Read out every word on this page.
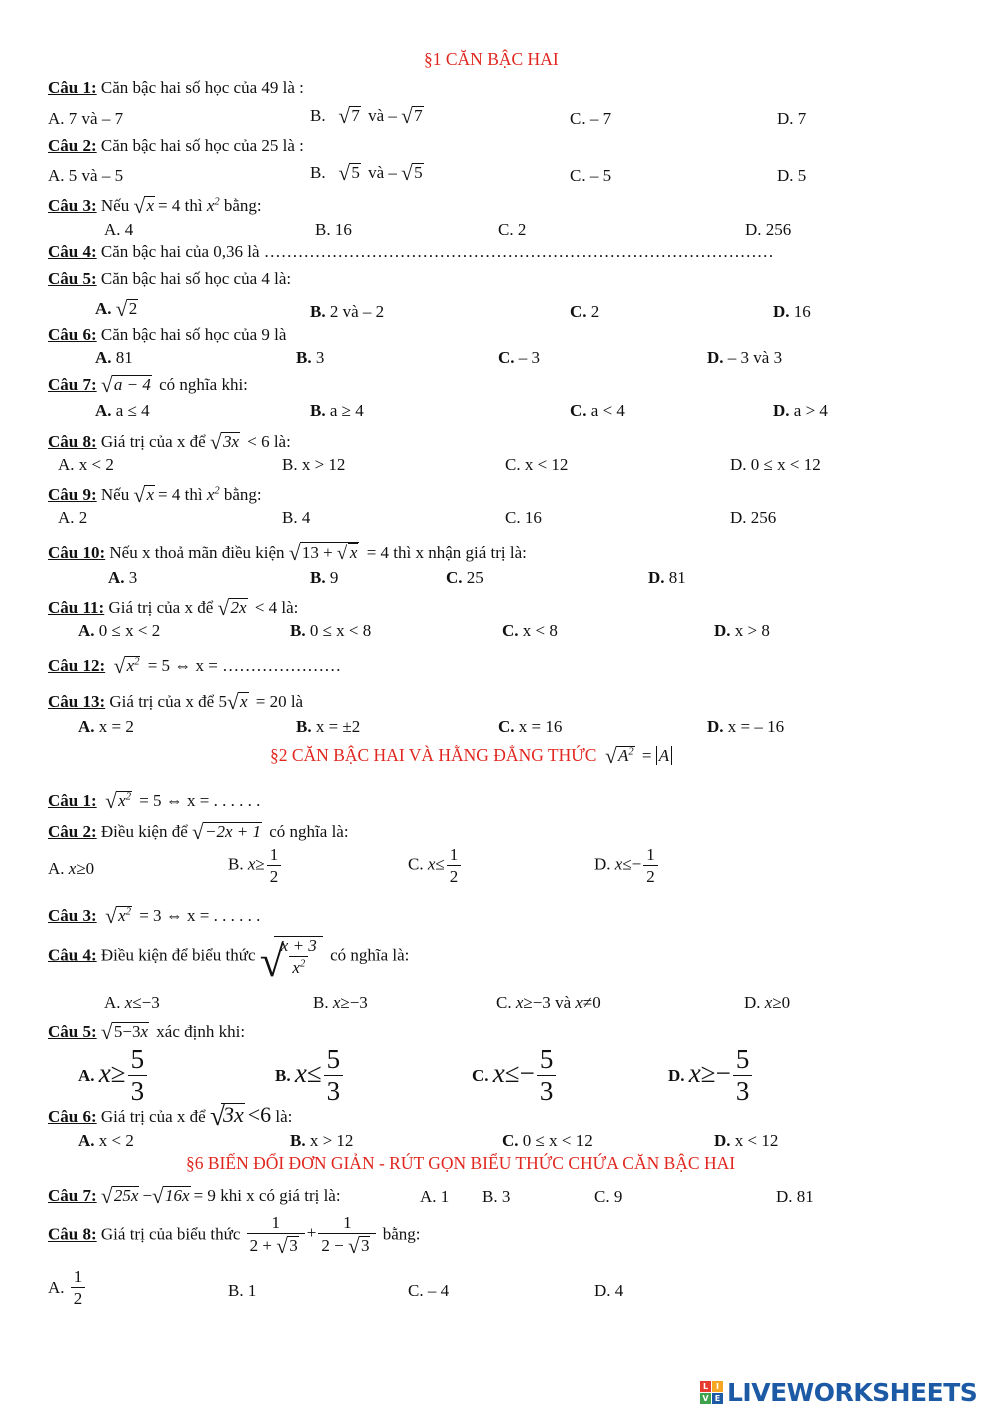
§1 CĂN BẬC HAI
Câu 1: Căn bậc hai số học của 49 là :
A. 7 và – 7	B. √ 7 và – √ 7	C. – 7	D. 7
Câu 2: Căn bậc hai số học của 25 là :
A. 5 và – 5	B. √ 5 và – √ 5	C. – 5	D. 5
Câu 3: Nếu √ x = 4 thì $x^2$ bằng:
A. 4	B. 16	C. 2	D. 256
Câu 4: Căn bậc hai của 0,36 là ………………………………………………………………………………
Câu 5: Căn bậc hai số học của 4 là:
A. √ 2	B. 2 và – 2	C. 2	D. 16
Câu 6: Căn bậc hai số học của 9 là
A. 81	B. 3	C. – 3	D. – 3 và 3
Câu 7: √ a − 4 có nghĩa khi:
A. a ≤ 4	B. a ≥ 4	C. a < 4	D. a > 4
Câu 8: Giá trị của x để √ 3x < 6 là:
A. x < 2	B. x > 12	C. x < 12	D. 0 ≤ x < 12
Câu 9: Nếu √ x = 4 thì $x^2$ bằng:
A. 2	B. 4	C. 16	D. 256
Câu 10: Nếu x thoả mãn điều kiện √ 13 + √ x = 4 thì x nhận giá trị là:
A. 3	B. 9	C. 25	D. 81
Câu 11: Giá trị của x để √ 2x < 4 là:
A. 0 ≤ x < 2	B. 0 ≤ x < 8	C. x < 8	D. x > 8
Câu 12: √ $x^2 = 5$ ⇔ x = …………………
Câu 13: Giá trị của x để 5 √ x = 20 là
A. x = 2	B. x = ±2	C. x = 16	D. x = – 16
§2 CĂN BẬC HAI VÀ HẰNG ĐẲNG THỨC √ $A^2 = A$
Câu 1: √ $x^2 = 5$ ⇔ x = . . . . . .
Câu 2: Điều kiện để √ −2x + 1 có nghĩa là:
A. x≥0	B. $x\ge \frac{1}{2}$	C. $x\le \frac{1}{2}$	D. $x\le- \frac{1}{2}$
Câu 3: √ $x^2 = 3$ ⇔ x = . . . . . .
Câu 4: Điều kiện để biểu thức √
$\frac{x + 3}{x^2}$ có nghĩa là:
A. x≤−3	B. x≥−3	C. x≥−3 và x≠0	D. x≥0
Câu 5: √ 5−3x xác định khi:
A. $x\ge \frac{5}{3}$	B. $x\le \frac{5}{3}$	C. $x\le- \frac{5}{3}$	D. $x\ge- \frac{5}{3}$
Câu 6: Giá trị của x để √
3x <6 là:
A. x < 2	B. x > 12	C. 0 ≤ x < 12	D. x < 12
§6 BIẾN ĐỔI ĐƠN GIẢN - RÚT GỌN BIỂU THỨC CHỨA CĂN BẬC HAI
Câu 7: √ 25x − √ 16x = 9 khi x có giá trị là:	A. 1 B. 3	C. 9	D. 81
Câu 8: Giá trị của biểu thức $\frac{1}{2 + √ 3} + \frac{1}{2 - √ 3}$ bằng:
A. $\frac{1}{2}$	B. 1	C. – 4	D. 4
L I
V E LIVEWORKSHEETS
